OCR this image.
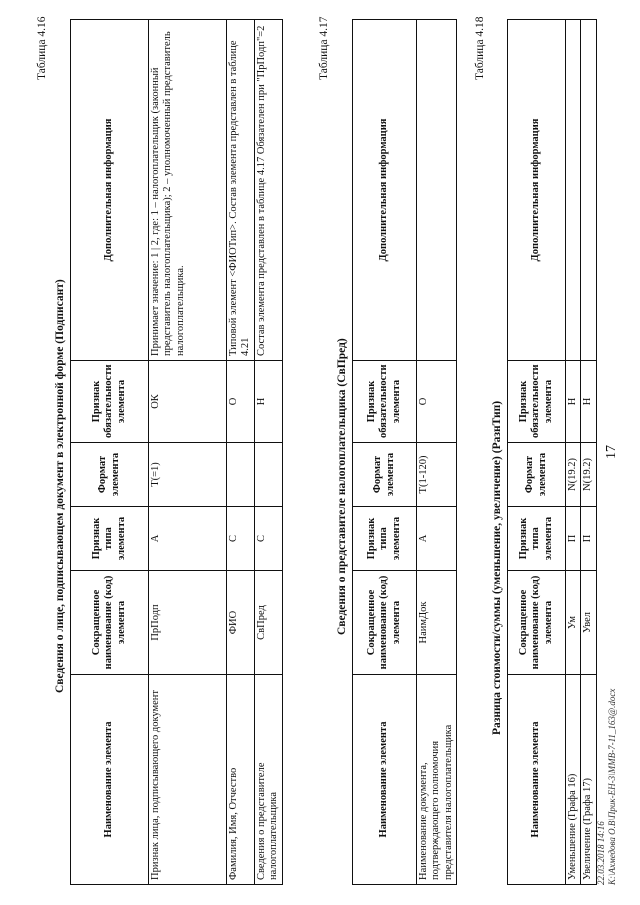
17
Таблица 4.16
Сведения о лице, подписывающем документ в электронной форме (Подписант)
Наименование элемента	Сокращенное наименование (код) элемента	Признак типа элемента	Формат элемента	Признак обязательности элемента	Дополнительная информация
Признак лица, подписывающего документ	ПрПодп	А	T(=1)	ОК	Принимает значение: 1 | 2, где: 1 – налогоплательщик (законный представитель налогоплательщика); 2 – уполномоченный представитель налогоплательщика.
Фамилия, Имя, Отчество	ФИО	С		О	Типовой элемент <ФИОТип>. Состав элемента представлен в таблице 4.21
Сведения о представителе налогоплательщика	СвПред	С		Н	Состав элемента представлен в таблице 4.17 Обязателен при "ПрПодп"=2	Таблица 4.17
Сведения о представителе налогоплательщика (СвПред)
Наименование элемента	Сокращенное наименование (код) элемента	Признак типа элемента	Формат элемента	Признак обязательности элемента	Дополнительная информация
Наименование документа, подтверждающего полномочия представителя налогоплательщика	НаимДок	А	T(1-120)	О	
Таблица 4.18
Разница стоимости/суммы (уменьшение, увеличение) (РазнТип)
Наименование элемента	Сокращенное наименование (код) элемента	Признак типа элемента	Формат элемента	Признак обязательности элемента	Дополнительная информация
Уменьшение (Графа 16)	Ум	П	N(19.2)	Н	
Увеличение (Графа 17)	Увел	П	N(19.2)	Н	
22.03.2018 14:16 К:\Ахмедова О.В\Прик-ЕН-3\ММВ-7-11_163@.docx
